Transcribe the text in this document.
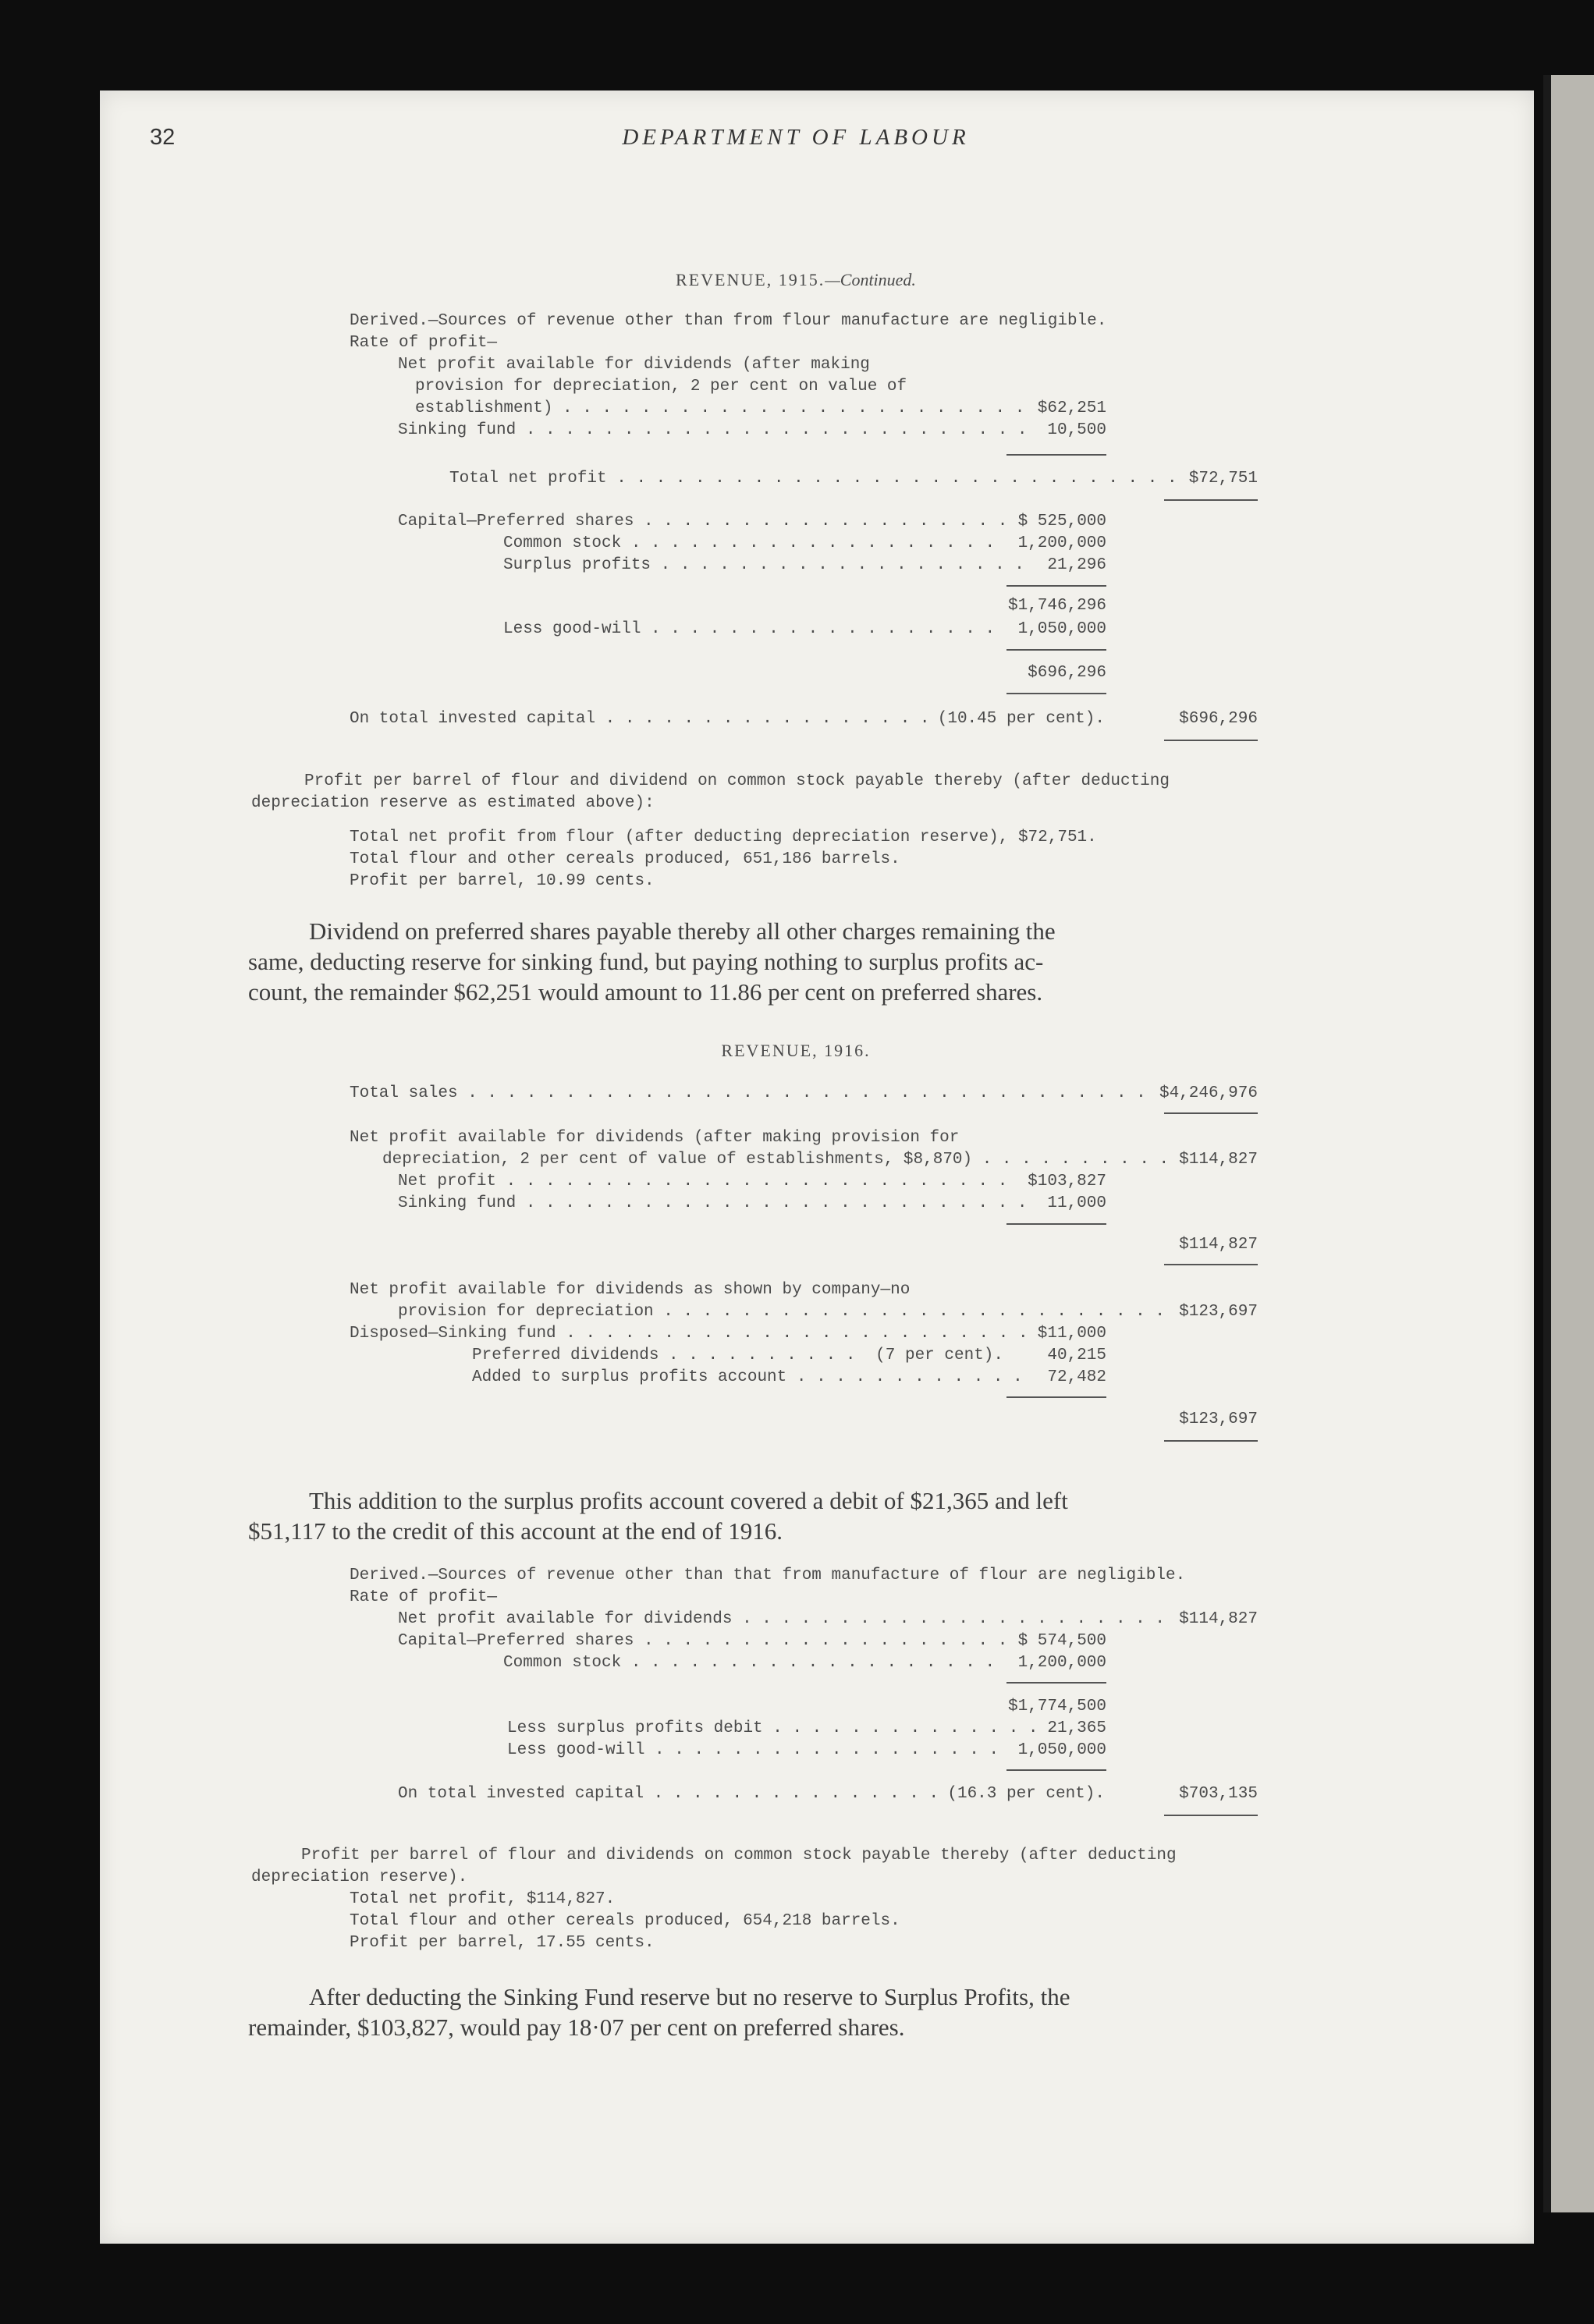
32	DEPARTMENT OF LABOUR
REVENUE, 1915.—Continued.
Derived.—Sources of revenue other than from flour manufacture are negligible.
Rate of profit—
Net profit available for dividends (after making
provision for depreciation, 2 per cent on value of
establishment) . . . . . . . . . . . . . . . . . . . . . . . . $62,251
Sinking fund . . . . . . . . . . . . . . . . . . . . . . . . . . 10,500
Total net profit . . . . . . . . . . . . . . . . . . . . . . . . . . . . . $72,751
Capital—Preferred shares . . . . . . . . . . . . . . . . . . . $ 525,000
Common stock . . . . . . . . . . . . . . . . . . . 1,200,000
Surplus profits . . . . . . . . . . . . . . . . . . . 21,296
$1,746,296
Less good-will . . . . . . . . . . . . . . . . . . 1,050,000
$696,296
On total invested capital . . . . . . . . . . . . . . . . . (10.45 per cent).	$696,296
Profit per barrel of flour and dividend on common stock payable thereby (after deducting
depreciation reserve as estimated above):
Total net profit from flour (after deducting depreciation reserve), $72,751.
Total flour and other cereals produced, 651,186 barrels.
Profit per barrel, 10.99 cents.
Dividend on preferred shares payable thereby all other charges remaining the
same, deducting reserve for sinking fund, but paying nothing to surplus profits ac-
count, the remainder $62,251 would amount to 11.86 per cent on preferred shares.
REVENUE, 1916.
Total sales . . . . . . . . . . . . . . . . . . . . . . . . . . . . . . . . . . . $4,246,976
Net profit available for dividends (after making provision for
depreciation, 2 per cent of value of establishments, $8,870) . . . . . . . . . . $114,827
Net profit . . . . . . . . . . . . . . . . . . . . . . . . . . $103,827
Sinking fund . . . . . . . . . . . . . . . . . . . . . . . . . . 11,000
$114,827
Net profit available for dividends as shown by company—no
provision for depreciation . . . . . . . . . . . . . . . . . . . . . . . . . . $123,697
Disposed—Sinking fund . . . . . . . . . . . . . . . . . . . . . . . . $11,000
Preferred dividends . . . . . . . . . . (7 per cent).	40,215
Added to surplus profits account . . . . . . . . . . . . 72,482
$123,697
This addition to the surplus profits account covered a debit of $21,365 and left
$51,117 to the credit of this account at the end of 1916.
Derived.—Sources of revenue other than that from manufacture of flour are negligible.
Rate of profit—
Net profit available for dividends . . . . . . . . . . . . . . . . . . . . . . $114,827
Capital—Preferred shares . . . . . . . . . . . . . . . . . . . $ 574,500
Common stock . . . . . . . . . . . . . . . . . . . 1,200,000
$1,774,500
Less surplus profits debit . . . . . . . . . . . . . . 21,365
Less good-will . . . . . . . . . . . . . . . . . . 1,050,000
On total invested capital . . . . . . . . . . . . . . . (16.3 per cent).	$703,135
Profit per barrel of flour and dividends on common stock payable thereby (after deducting
depreciation reserve).
Total net profit, $114,827.
Total flour and other cereals produced, 654,218 barrels.
Profit per barrel, 17.55 cents.
After deducting the Sinking Fund reserve but no reserve to Surplus Profits, the
remainder, $103,827, would pay 18·07 per cent on preferred shares.
